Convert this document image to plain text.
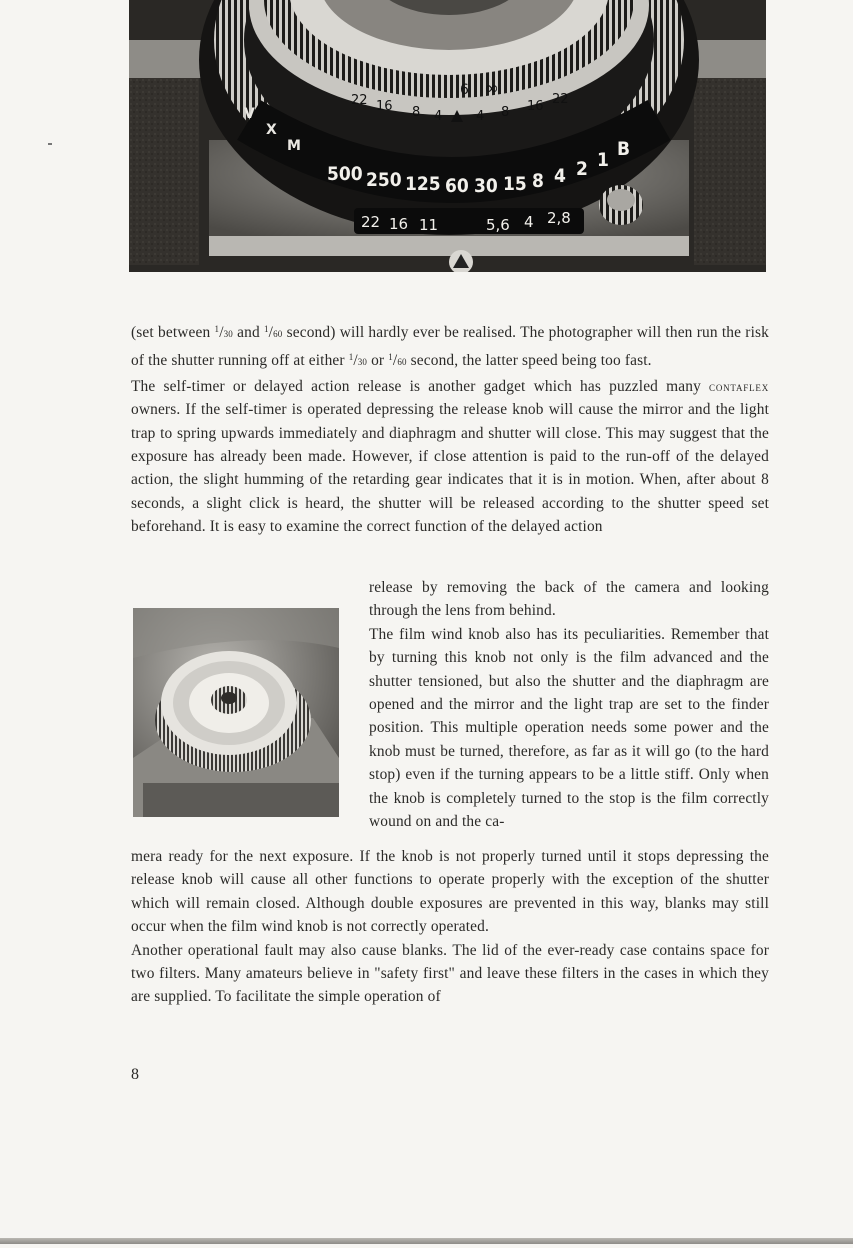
22 16 8 4	4 8 16 22
6 ∞
V
X
M
500 250 125 60 30 15 8 4 2 1 B
22 16 11	5,6 4 2,8

(set between $^1$/30 and $^1$/60 second) will hardly ever be realised. The photographer will then run the risk of the shutter running off at either $^1$/30 or $^1$/60 second, the latter speed being too fast.

The self-timer or delayed action release is another gadget which has puzzled many contaflex owners. If the self-timer is operated depressing the release knob will cause the mirror and the light trap to spring upwards immediately and diaphragm and shutter will close. This may suggest that the exposure has already been made. However, if close attention is paid to the run-off of the delayed action, the slight humming of the retarding gear indicates that it is in motion. When, after about 8 seconds, a slight click is heard, the shutter will be released according to the shutter speed set beforehand. It is easy to examine the correct function of the delayed action

release by removing the back of the camera and looking through the lens from behind.

The film wind knob also has its peculiarities. Remember that by turning this knob not only is the film advanced and the shutter tensioned, but also the shutter and the diaphragm are opened and the mirror and the light trap are set to the finder position. This multiple operation needs some power and the knob must be turned, therefore, as far as it will go (to the hard stop) even if the turning appears to be a little stiff. Only when the knob is completely turned to the stop is the film correctly wound on and the ca-

mera ready for the next exposure. If the knob is not properly turned until it stops depressing the release knob will cause all other functions to operate properly with the exception of the shutter which will remain closed. Although double exposures are prevented in this way, blanks may still occur when the film wind knob is not correctly operated.

Another operational fault may also cause blanks. The lid of the ever-ready case contains space for two filters. Many amateurs believe in "safety first" and leave these filters in the cases in which they are supplied. To facilitate the simple operation of

8
